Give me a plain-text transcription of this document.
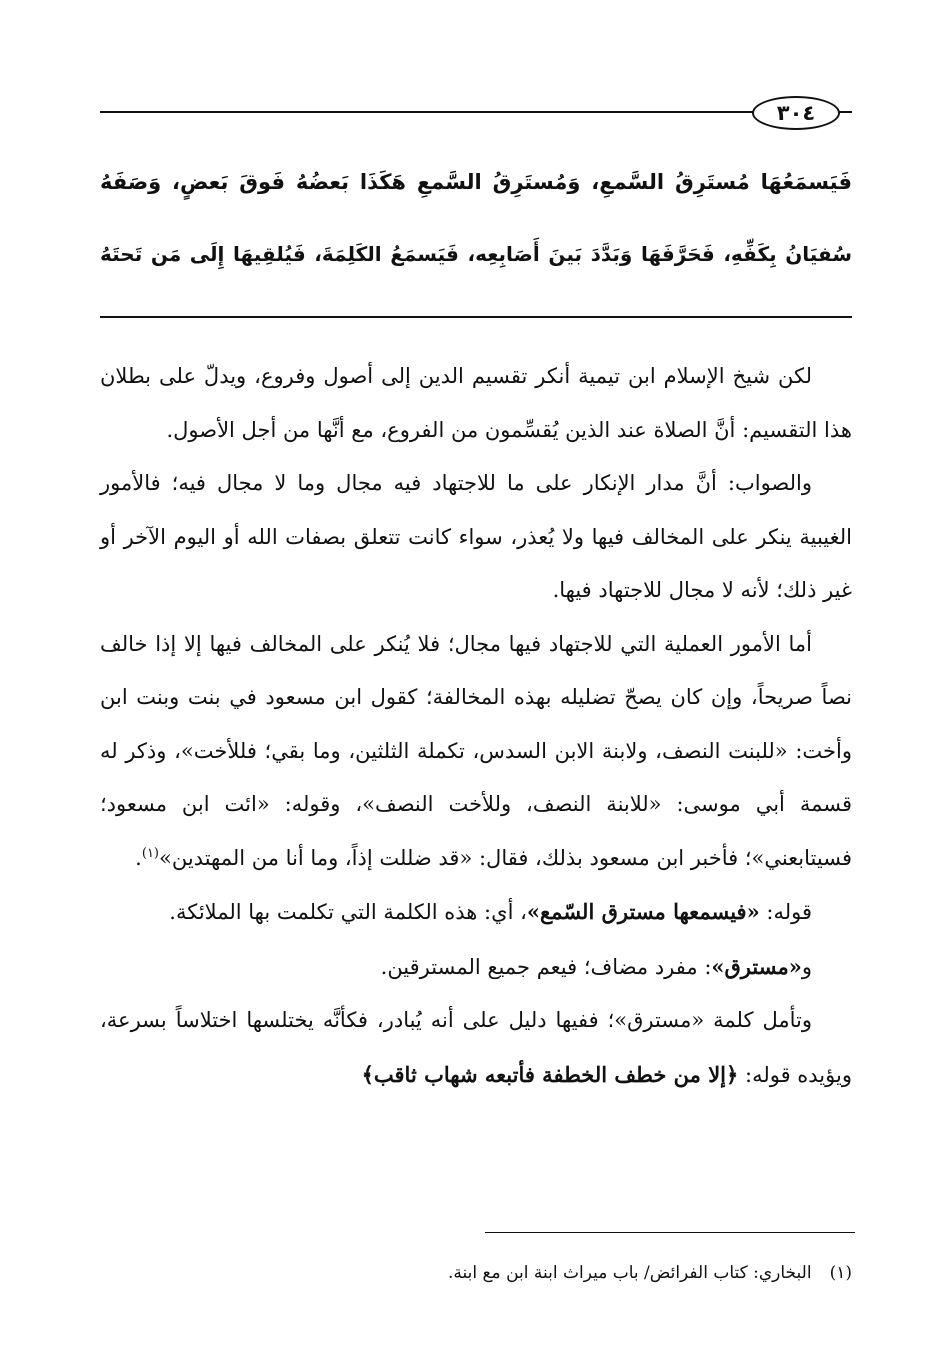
٣٠٤
فَيَسمَعُهَا مُستَرِقُ السَّمعِ، وَمُستَرِقُ السَّمعِ هَكَذَا بَعضُهُ فَوقَ بَعضٍ، وَصَفَهُ
سُفيَانُ بِكَفِّهِ، فَحَرَّفَهَا وَبَدَّدَ بَينَ أَصَابِعِه، فَيَسمَعُ الكَلِمَةَ، فَيُلقِيهَا إِلَى مَن تَحتَهُ

لكن شيخ الإسلام ابن تيمية أنكر تقسيم الدين إلى أصول وفروع، ويدلّ على بطلان هذا التقسيم: أنَّ الصلاة عند الذين يُقسِّمون من الفروع، مع أنَّها من أجل الأصول.

والصواب: أنَّ مدار الإنكار على ما للاجتهاد فيه مجال وما لا مجال فيه؛ فالأمور الغيبية ينكر على المخالف فيها ولا يُعذر، سواء كانت تتعلق بصفات الله أو اليوم الآخر أو غير ذلك؛ لأنه لا مجال للاجتهاد فيها.

أما الأمور العملية التي للاجتهاد فيها مجال؛ فلا يُنكر على المخالف فيها إلا إذا خالف نصاً صريحاً، وإن كان يصحّ تضليله بهذه المخالفة؛ كقول ابن مسعود في بنت وبنت ابن وأخت: «للبنت النصف، ولابنة الابن السدس، تكملة الثلثين، وما بقي؛ فللأخت»، وذكر له قسمة أبي موسى: «للابنة النصف، وللأخت النصف»، وقوله: «ائت ابن مسعود؛ فسيتابعني»؛ فأخبر ابن مسعود بذلك، فقال: «قد ضللت إذاً، وما أنا من المهتدين»$^{(١)}$.

قوله: «فيسمعها مسترق السّمع»، أي: هذه الكلمة التي تكلمت بها الملائكة.

و«مسترق»: مفرد مضاف؛ فيعم جميع المسترقين.

وتأمل كلمة «مسترق»؛ ففيها دليل على أنه يُبادر، فكأنَّه يختلسها اختلاساً بسرعة، ويؤيده قوله: ﴿إلا من خطف الخطفة فأتبعه شهاب ثاقب﴾

(١)البخاري: كتاب الفرائض/ باب ميراث ابنة ابن مع ابنة.
